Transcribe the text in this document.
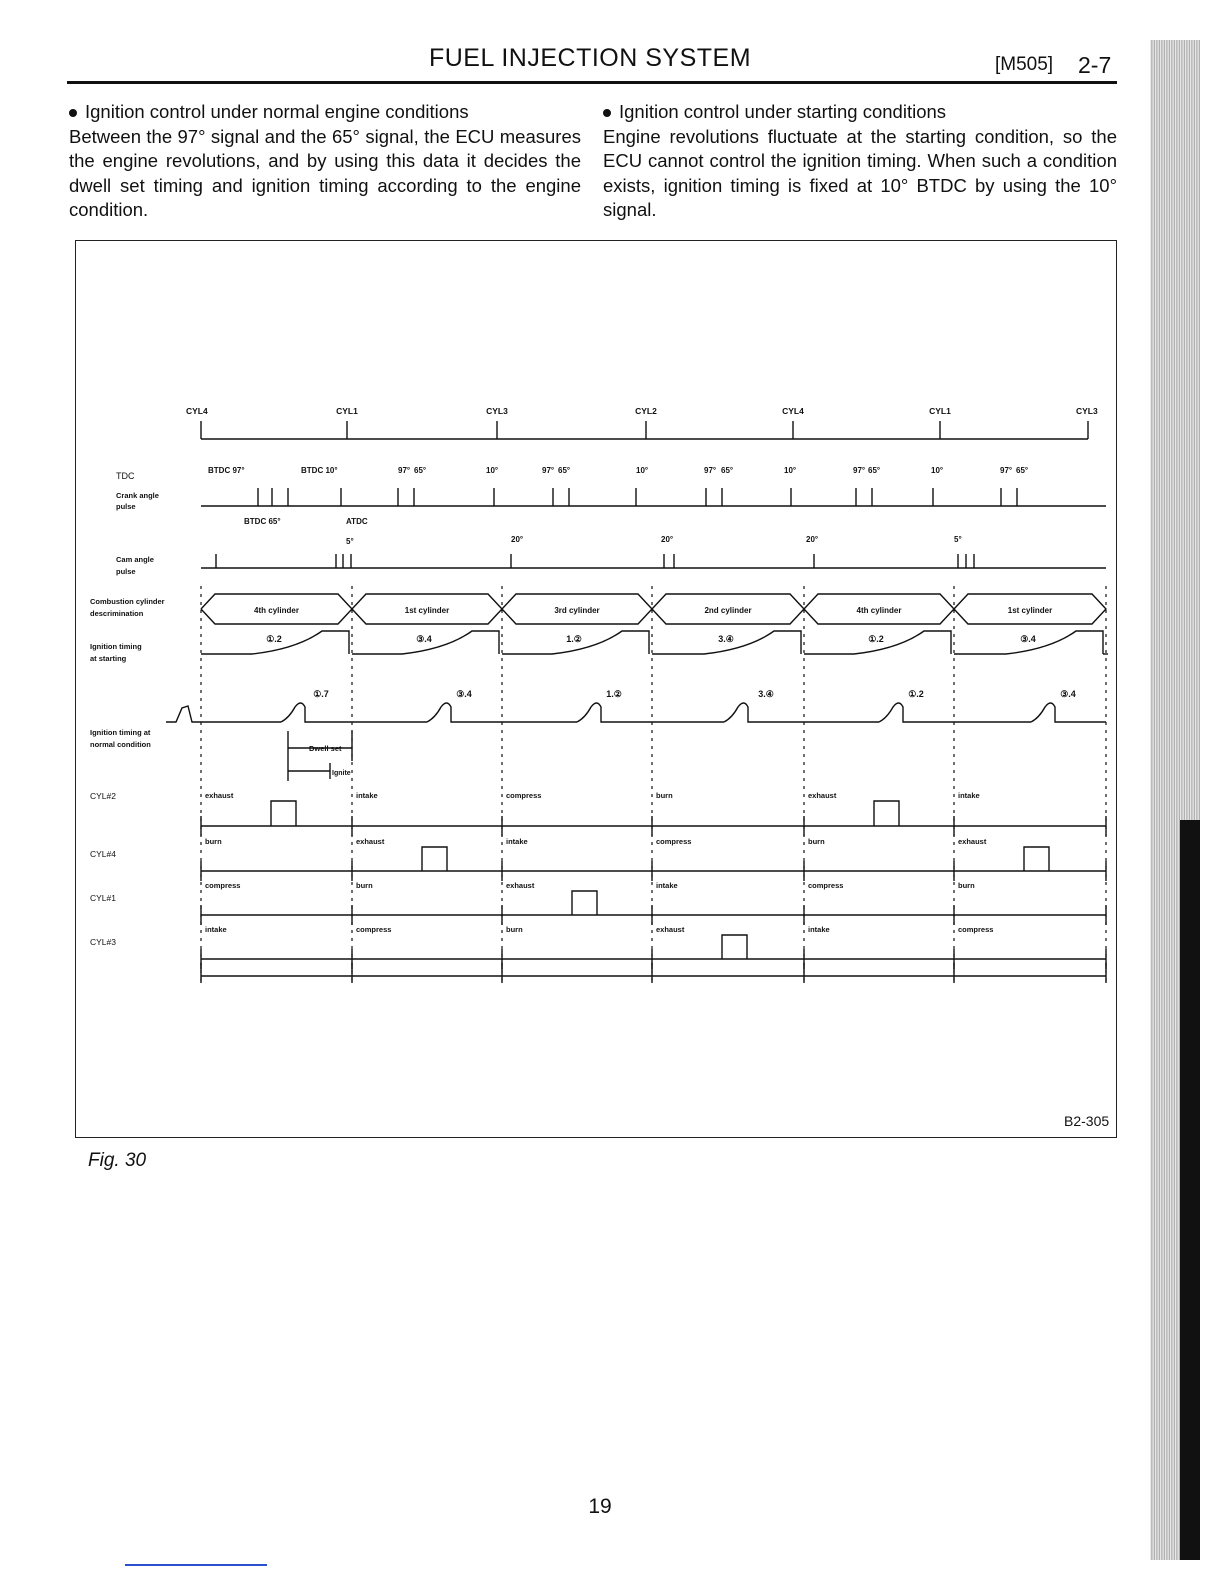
FUEL INJECTION SYSTEM	[M505] 2-7
Ignition control under normal engine conditions
Between the 97° signal and the 65° signal, the ECU measures the engine revolutions, and by using this data it decides the dwell set timing and ignition timing according to the engine condition.
Ignition control under starting conditions
Engine revolutions fluctuate at the starting condition, so the ECU cannot control the ignition timing. When such a condition exists, ignition timing is fixed at 10° BTDC by using the 10° signal.
CYL4	CYL1	CYL3	CYL2	CYL4	CYL1	CYL3
TDC
Crank angle
pulse
Cam angle
pulse
Combustion cylinder
descrimination
Ignition timing
at starting
Ignition timing at
normal condition
CYL#2
CYL#4
CYL#1
CYL#3
BTDC 97°	BTDC 10°	97° 65°	10°	97° 65°	10°	97° 65°	10°	97° 65°	10°	97° 65°
BTDC 65°	ATDC
5°	20°	20°	20°	5°
4th cylinder	1st cylinder	3rd cylinder	2nd cylinder	4th cylinder	1st cylinder
①.2	③.4	1.②	3.④	①.2	③.4
①.7	③.4	1.②	3.④	①.2	③.4
Dwell set
Ignite
exhaust	intake	compress	burn	exhaust	intake
burn	exhaust	intake	compress	burn	exhaust
compress	burn	exhaust	intake	compress	burn
intake	compress	burn	exhaust	intake	compress
B2-305
Fig. 30
19
